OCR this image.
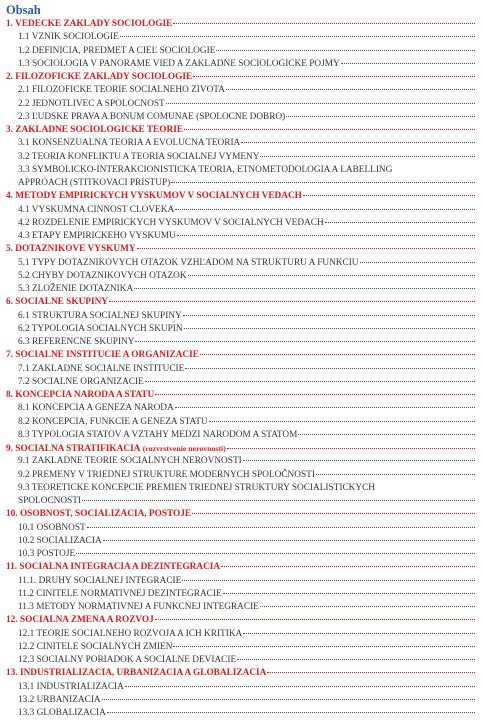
Obsah
1. VEDECKE ZAKLADY SOCIOLOGIE
1.1 VZNIK SOCIOLOGIE
1.2 DEFINICIA, PREDMET A CIEĽ SOCIOLOGIE
1.3 SOCIOLOGIA V PANORAME VIED A ZAKLADNE SOCIOLOGICKE POJMY
2. FILOZOFICKE ZAKLADY SOCIOLOGIE
2.1 FILOZOFICKE TEORIE SOCIALNEHO ZIVOTA
2.2 JEDNOTLIVEC A SPOLOCNOST
2.3 ĽUDSKE PRAVA A BONUM COMUNAE (SPOLOCNE DOBRO)
3. ZAKLADNE SOCIOLOGICKE TEORIE
3.1 KONSENZUALNA TEORIA A EVOLUCNA TEORIA
3.2 TEORIA KONFLIKTU A TEORIA SOCIALNEJ VYMENY
3.3 SYMBOLICKO-INTERAKCIONISTICKA TEORIA, ETNOMETODOLOGIA A LABELLING
APPROACH (STITKOVACI PRISTUP)
4. METODY EMPIRICKYCH VYSKUMOV V SOCIALNYCH VEDACH
4.1 VYSKUMNA CINNOST CLOVEKA
4.2 ROZDELENIE EMPIRICKYCH VYSKUMOV V SOCIALNYCH VEDACH
4.3 ETAPY EMPIRICKEHO VYSKUMU
5. DOTAZNIKOVE VYSKUMY
5.1 TYPY DOTAZNIKOVYCH OTAZOK VZHĽADOM NA STRUKTURU A FUNKCIU
5.2 CHYBY DOTAZNIKOVYCH OTAZOK
5.3 ZLOŽENIE DOTAZNIKA
6. SOCIALNE SKUPINY
6.1 STRUKTURA SOCIALNEJ SKUPINY
6.2 TYPOLOGIA SOCIALNYCH SKUPIN
6.3 REFERENCNE SKUPINY
7. SOCIALNE INSTITUCIE A ORGANIZACIE
7.1 ZAKLADNE SOCIALNE INSTITUCIE
7.2 SOCIALNE ORGANIZACIE
8. KONCEPCIA NARODA A STATU
8.1 KONCEPCIA A GENEZA NARODA
8.2 KONCEPCIA, FUNKCIE A GENEZA STATU
8.3 TYPOLOGIA STATOV A VZTAHY MEDZI NARODOM A STATOM
9. SOCIALNA STRATIFIKACIA
(rozvrstvenie nerovnosti)
9.1 ZAKLADNE TEORIE SOCIALNYCH NEROVNOSTI
9.2 PREMENY V TRIEDNEJ STRUKTURE MODERNYCH SPOLOČNOSTI
9.3 TEORETICKE KONCEPCIE PREMIEN TRIEDNEJ STRUKTURY SOCIALISTICKYCH
SPOLOCNOSTI
10. OSOBNOST, SOCIALIZACIA, POSTOJE
10.1 OSOBNOST
10.2 SOCIALIZACIA
10.3 POSTOJE
11. SOCIALNA INTEGRACIA A DEZINTEGRACIA
11.1. DRUHY SOCIALNEJ INTEGRACIE
11.2 CINITELE NORMATIVNEJ DEZINTEGRACIE
11.3 METODY NORMATIVNEJ A FUNKCNEJ INTEGRACIE
12. SOCIALNA ZMENA A ROZVOJ
12.1 TEORIE SOCIALNEHO ROZVOJA A ICH KRITIKA
12.2 CINITELE SOCIALNYCH ZMIEN
12.3 SOCIALNY PORIADOK A SOCIALNE DEVIACIE
13. INDUSTRIALIZACIA, URBANIZACIA A GLOBALIZACIA
13.1 INDUSTRIALIZACIA
13.2 URBANIZACIA
13.3 GLOBALIZACIA
